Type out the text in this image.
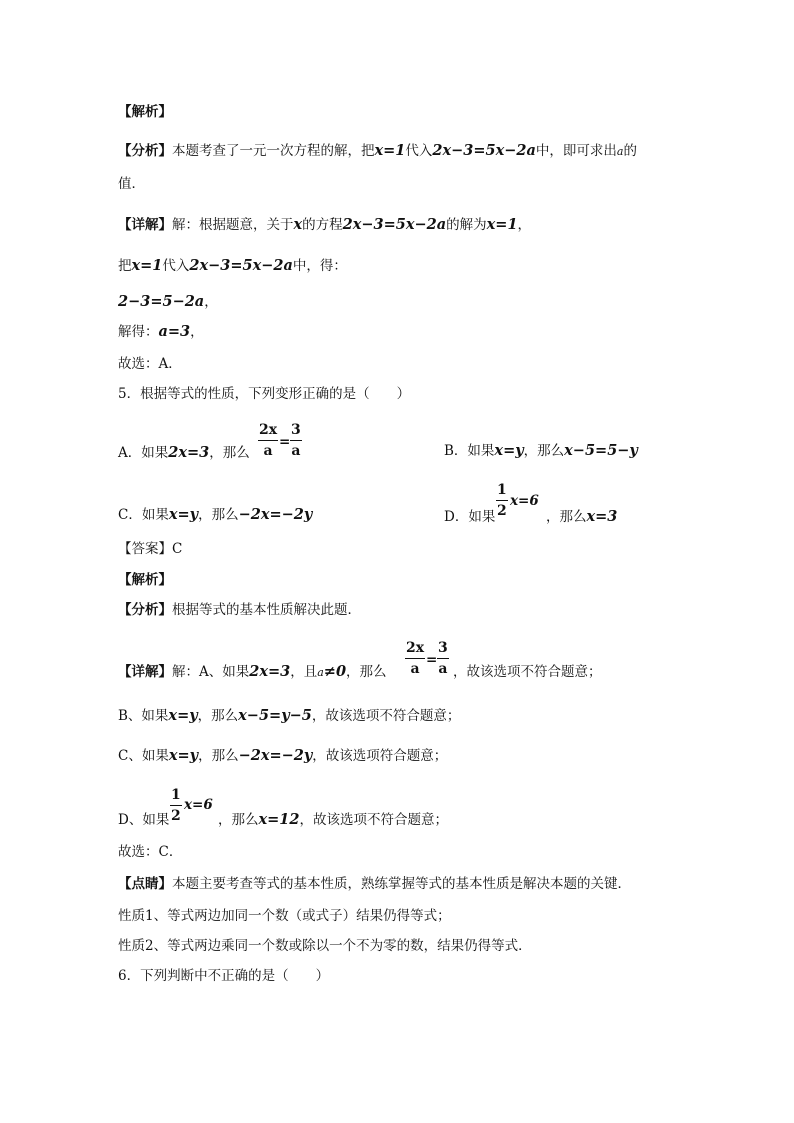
【解析】
【分析】本题考查了一元一次方程的解，把x=1代入2x−3=5x−2a中，即可求出a的
值．
【详解】解：根据题意，关于x的方程2x−3=5x−2a的解为x=1，
把x=1代入2x−3=5x−2a中，得：
2−3=5−2a，
解得：a=3，
故选：A．
5．根据等式的性质，下列变形正确的是（　　）
A．如果2x=3，那么
2x
a
=
3
a	B．如果x=y，那么x−5=5−y
C．如果x=y，那么−2x=−2y	D．如果
1
2
x=6
，那么x=3
【答案】C
【解析】
【分析】根据等式的基本性质解决此题．
【详解】解：A、如果2x=3，且a≠0，那么
2x
a
=
3
a ，故该选项不符合题意；
B、如果x=y，那么x−5=y−5，故该选项不符合题意；
C、如果x=y，那么−2x=−2y，故该选项符合题意；
D、如果
1
2
x=6
，那么x=12，故该选项不符合题意；
故选：C．
【点睛】本题主要考查等式的基本性质，熟练掌握等式的基本性质是解决本题的关键．
性质1、等式两边加同一个数（或式子）结果仍得等式；
性质2、等式两边乘同一个数或除以一个不为零的数，结果仍得等式．
6．下列判断中不正确的是（　　）
